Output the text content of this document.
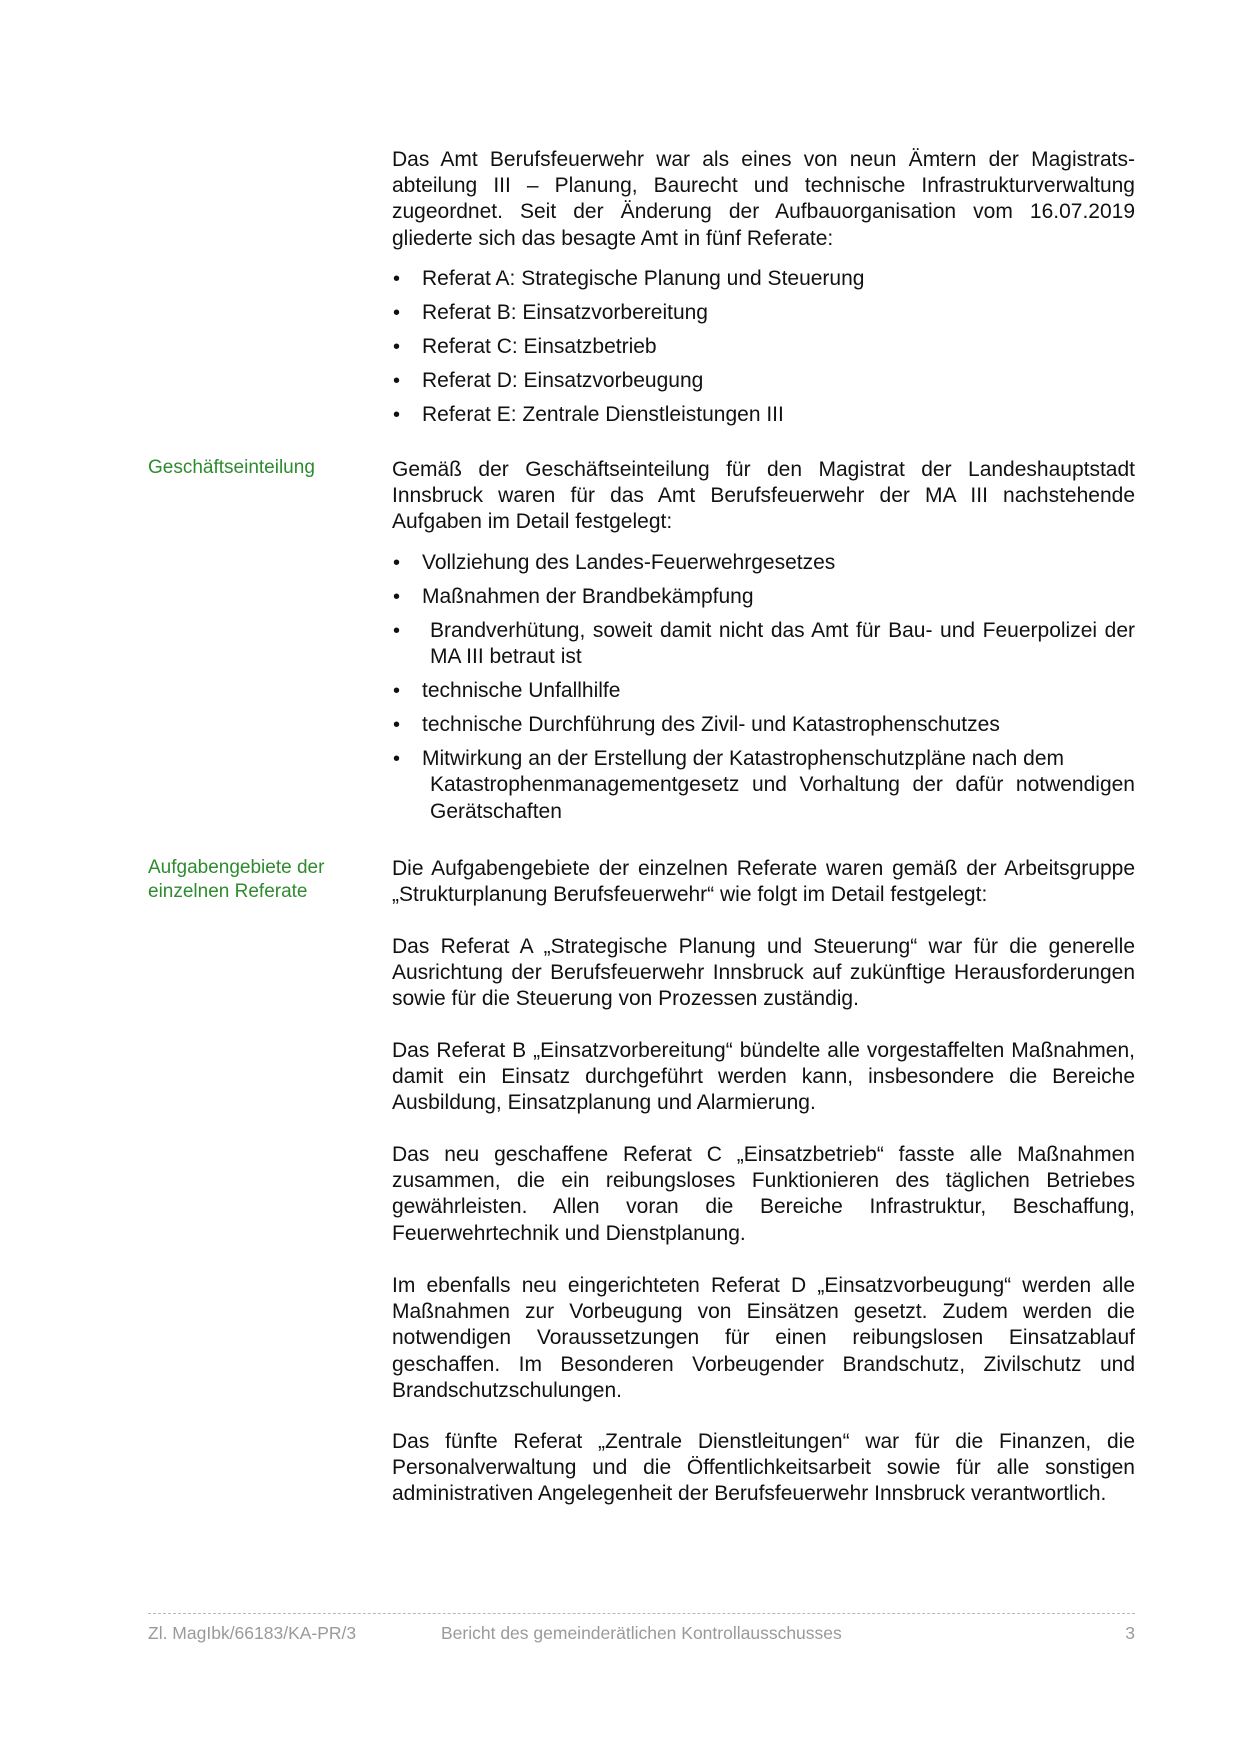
Das Amt Berufsfeuerwehr war als eines von neun Ämtern der Magistratsabteilung III – Planung, Baurecht und technische Infrastrukturverwaltung zugeordnet. Seit der Änderung der Aufbauorganisation vom 16.07.2019 gliederte sich das besagte Amt in fünf Referate:

• Referat A: Strategische Planung und Steuerung
• Referat B: Einsatzvorbereitung
• Referat C: Einsatzbetrieb
• Referat D: Einsatzvorbeugung
• Referat E: Zentrale Dienstleistungen III

Geschäftseinteilung	Gemäß der Geschäftseinteilung für den Magistrat der Landeshauptstadt Innsbruck waren für das Amt Berufsfeuerwehr der MA III nachstehende Aufgaben im Detail festgelegt:

• Vollziehung des Landes-Feuerwehrgesetzes
• Maßnahmen der Brandbekämpfung
• Brandverhütung, soweit damit nicht das Amt für Bau- und Feuerpolizei der MA III betraut ist
• technische Unfallhilfe
• technische Durchführung des Zivil- und Katastrophenschutzes
• Mitwirkung an der Erstellung der Katastrophenschutzpläne nach dem
Katastrophenmanagementgesetz und Vorhaltung der dafür notwendigen Gerätschaften

Aufgabengebiete der einzelnen Referate

Die Aufgabengebiete der einzelnen Referate waren gemäß der Arbeitsgruppe „Strukturplanung Berufsfeuerwehr“ wie folgt im Detail festgelegt:

Das Referat A „Strategische Planung und Steuerung“ war für die generelle Ausrichtung der Berufsfeuerwehr Innsbruck auf zukünftige Herausforderungen sowie für die Steuerung von Prozessen zuständig.

Das Referat B „Einsatzvorbereitung“ bündelte alle vorgestaffelten Maßnahmen, damit ein Einsatz durchgeführt werden kann, insbesondere die Bereiche Ausbildung, Einsatzplanung und Alarmierung.

Das neu geschaffene Referat C „Einsatzbetrieb“ fasste alle Maßnahmen zusammen, die ein reibungsloses Funktionieren des täglichen Betriebes gewährleisten. Allen voran die Bereiche Infrastruktur, Beschaffung, Feuerwehrtechnik und Dienstplanung.

Im ebenfalls neu eingerichteten Referat D „Einsatzvorbeugung“ werden alle Maßnahmen zur Vorbeugung von Einsätzen gesetzt. Zudem werden die notwendigen Voraussetzungen für einen reibungslosen Einsatzablauf geschaffen. Im Besonderen Vorbeugender Brandschutz, Zivilschutz und Brandschutzschulungen.

Das fünfte Referat „Zentrale Dienstleitungen“ war für die Finanzen, die Personalverwaltung und die Öffentlichkeitsarbeit sowie für alle sonstigen administrativen Angelegenheit der Berufsfeuerwehr Innsbruck verantwortlich.

Zl. MagIbk/66183/KA-PR/3	Bericht des gemeinderätlichen Kontrollausschusses	3
